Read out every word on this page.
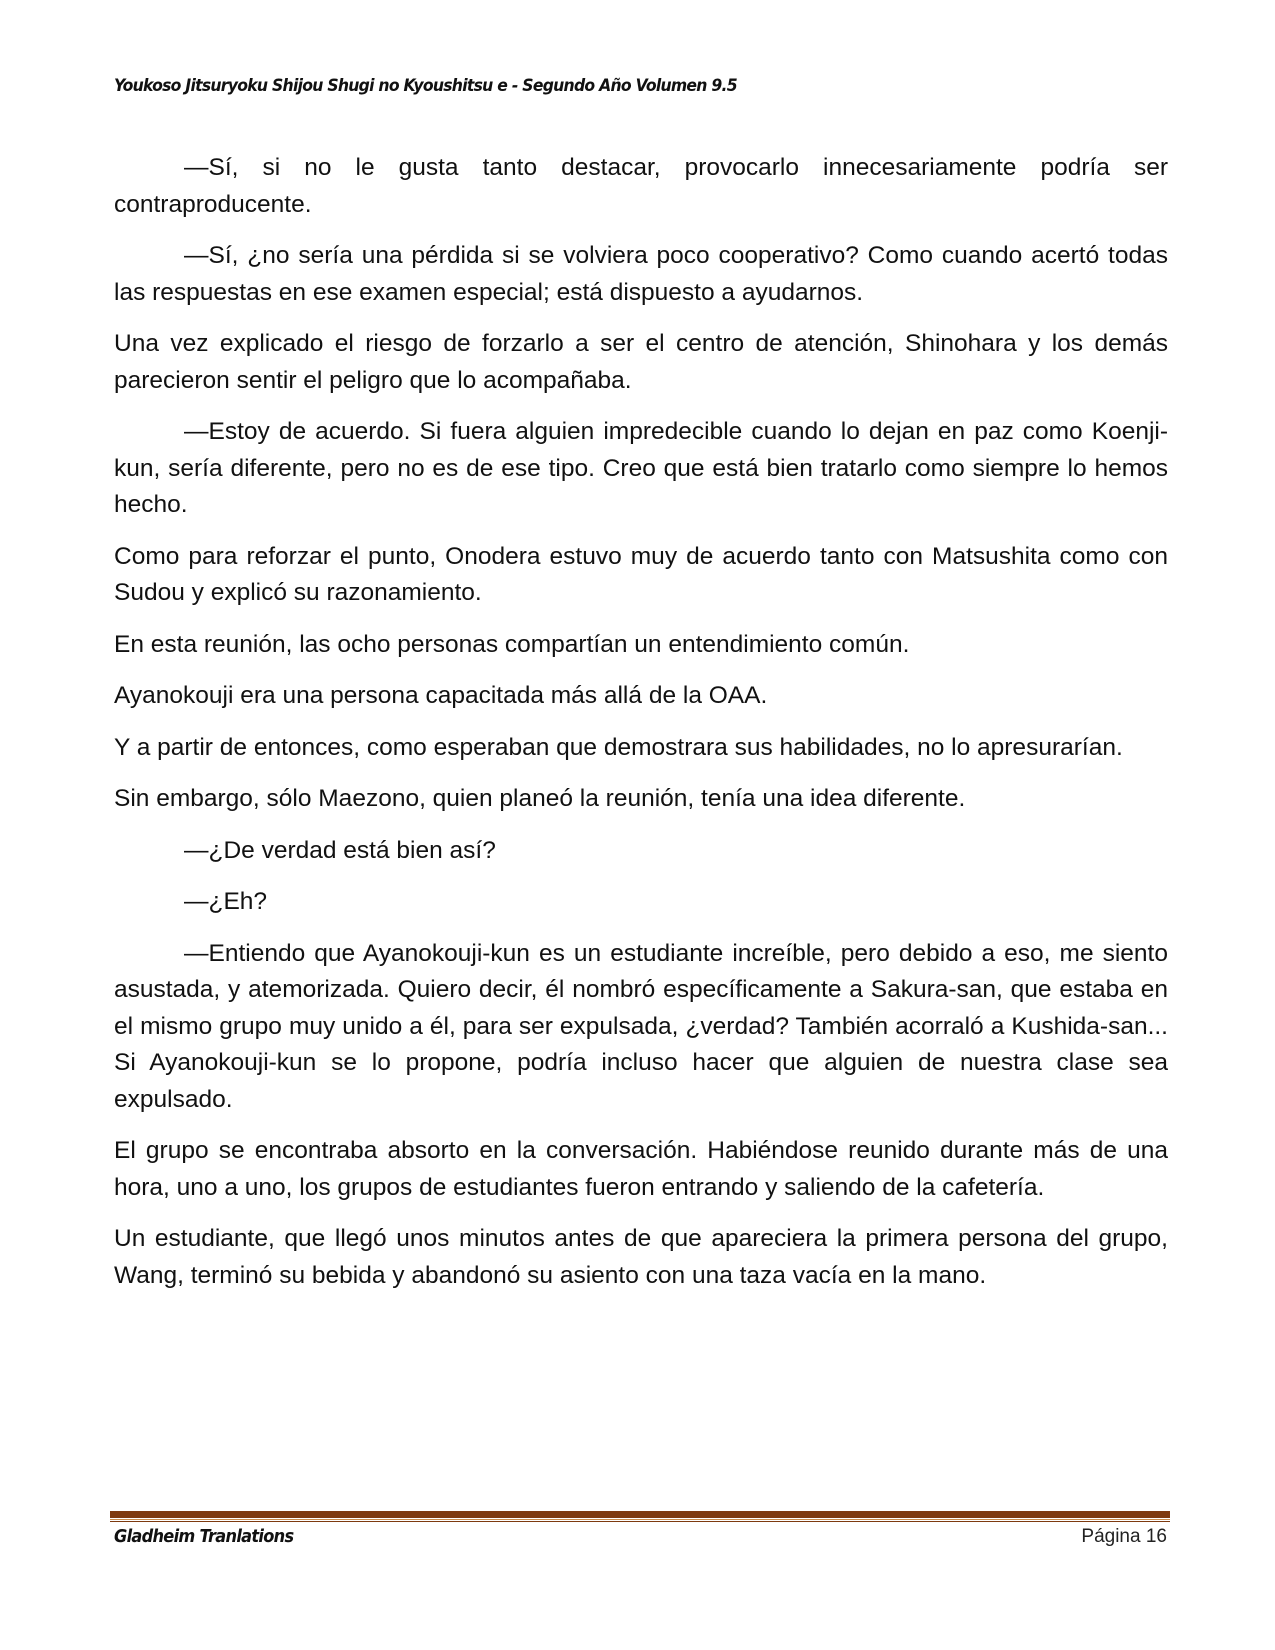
Youkoso Jitsuryoku Shijou Shugi no Kyoushitsu e - Segundo Año Volumen 9.5

—Sí, si no le gusta tanto destacar, provocarlo innecesariamente podría ser contraproducente.

—Sí, ¿no sería una pérdida si se volviera poco cooperativo? Como cuando acertó todas las respuestas en ese examen especial; está dispuesto a ayudarnos.

Una vez explicado el riesgo de forzarlo a ser el centro de atención, Shinohara y los demás parecieron sentir el peligro que lo acompañaba.

—Estoy de acuerdo. Si fuera alguien impredecible cuando lo dejan en paz como Koenji-kun, sería diferente, pero no es de ese tipo. Creo que está bien tratarlo como siempre lo hemos hecho.

Como para reforzar el punto, Onodera estuvo muy de acuerdo tanto con Matsushita como con Sudou y explicó su razonamiento.

En esta reunión, las ocho personas compartían un entendimiento común.

Ayanokouji era una persona capacitada más allá de la OAA.

Y a partir de entonces, como esperaban que demostrara sus habilidades, no lo apresurarían.

Sin embargo, sólo Maezono, quien planeó la reunión, tenía una idea diferente.

—¿De verdad está bien así?

—¿Eh?

—Entiendo que Ayanokouji-kun es un estudiante increíble, pero debido a eso, me siento asustada, y atemorizada. Quiero decir, él nombró específicamente a Sakura-san, que estaba en el mismo grupo muy unido a él, para ser expulsada, ¿verdad? También acorraló a Kushida-san... Si Ayanokouji-kun se lo propone, podría incluso hacer que alguien de nuestra clase sea expulsado.

El grupo se encontraba absorto en la conversación. Habiéndose reunido durante más de una hora, uno a uno, los grupos de estudiantes fueron entrando y saliendo de la cafetería.

Un estudiante, que llegó unos minutos antes de que apareciera la primera persona del grupo, Wang, terminó su bebida y abandonó su asiento con una taza vacía en la mano.

Gladheim Tranlations	Página 16
